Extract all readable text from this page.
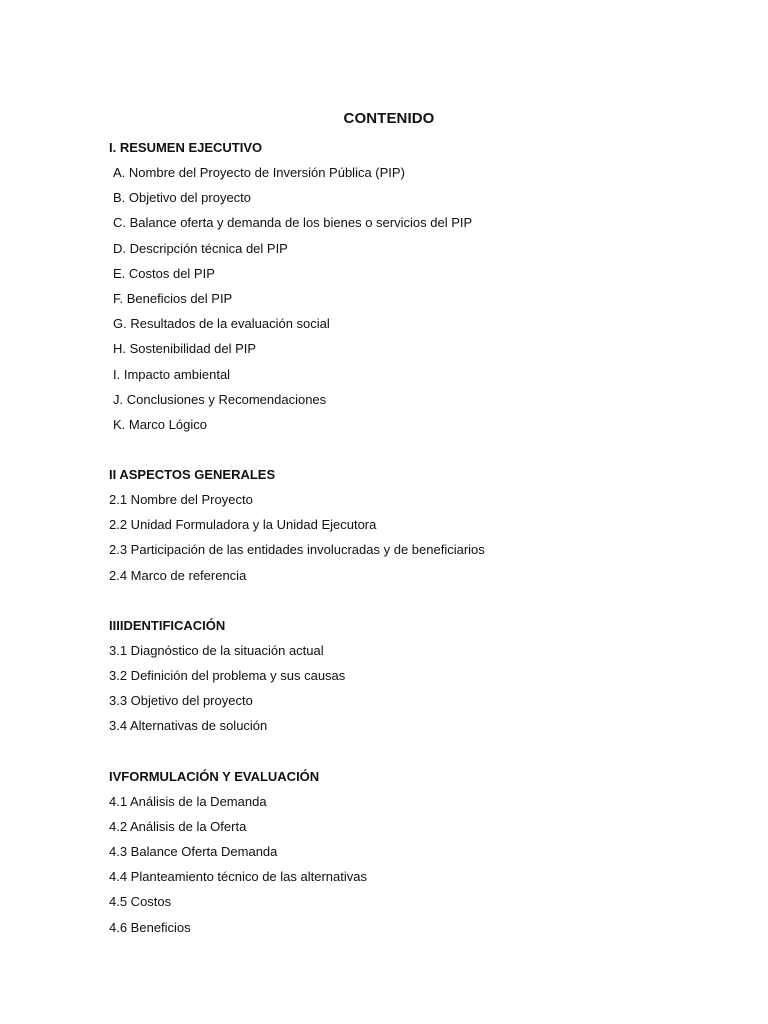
CONTENIDO
I. RESUMEN EJECUTIVO
A. Nombre del Proyecto de Inversión Pública (PIP)
B. Objetivo del proyecto
C. Balance oferta y demanda de los bienes o servicios del PIP
D. Descripción técnica del PIP
E. Costos del PIP
F. Beneficios del PIP
G. Resultados de la evaluación social
H. Sostenibilidad del PIP
I. Impacto ambiental
J. Conclusiones y Recomendaciones
K. Marco Lógico
II ASPECTOS GENERALES
2.1 Nombre del Proyecto
2.2 Unidad Formuladora y la Unidad Ejecutora
2.3 Participación de las entidades involucradas y de beneficiarios
2.4 Marco de referencia
IIIIDENTIFICACIÓN
3.1 Diagnóstico de la situación actual
3.2 Definición del problema y sus causas
3.3 Objetivo del proyecto
3.4 Alternativas de solución
IVFORMULACIÓN Y EVALUACIÓN
4.1 Análisis de la Demanda
4.2 Análisis de la Oferta
4.3 Balance Oferta Demanda
4.4 Planteamiento técnico de las alternativas
4.5 Costos
4.6 Beneficios
